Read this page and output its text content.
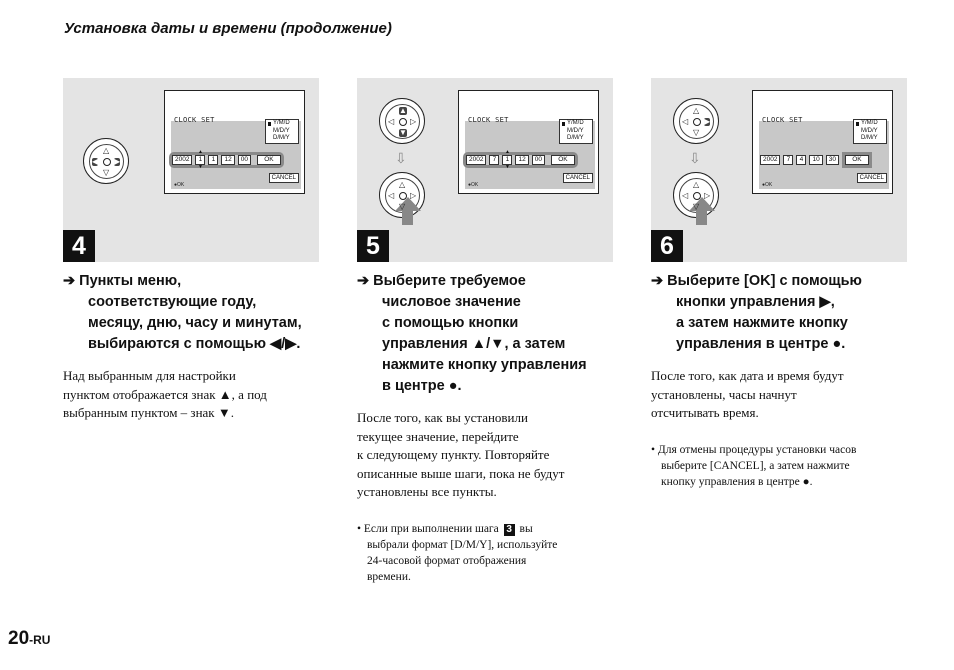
Установка даты и времени (продолжение)
△
▽
◀ ▶
CLOCK SET	Y/M/D
M/D/Y
D/M/Y
2002
▲
1
▼
1	12	00	OK
CANCEL
●OK
4
▲
▼
◁ ▷
⇩
△
▽
◁ ▷
CLOCK SET	Y/M/D
M/D/Y
D/M/Y
2002	7
▲
1
▼
12	00	OK
CANCEL
●OK
5
△
▽
◁ ▶
⇩
△
▽
◁ ▷
CLOCK SET	Y/M/D
M/D/Y
D/M/Y
2002	7	4	10	30	OK
CANCEL
●OK
6
➔ Пункты меню,
соответствующие году,
месяцу, дню, часу и минутам,
выбираются с помощью ◀/▶.
Над выбранным для настройки
пунктом отображается знак ▲, а под
выбранным пунктом – знак ▼.
➔ Выберите требуемое
числовое значение
с помощью кнопки
управления ▲/▼, а затем
нажмите кнопку управления
в центре ●.
После того, как вы установили
текущее значение, перейдите
к следующему пункту. Повторяйте
описанные выше шаги, пока не будут
установлены все пункты.
• Если при выполнении шага 3 вы
выбрали формат [D/M/Y], используйте
24-часовой формат отображения
времени.
➔ Выберите [OK] с помощью
кнопки управления ▶,
а затем нажмите кнопку
управления в центре ●.
После того, как дата и время будут
установлены, часы начнут
отсчитывать время.
• Для отмены процедуры установки часов
выберите [CANCEL], а затем нажмите
кнопку управления в центре ●.
20-RU
